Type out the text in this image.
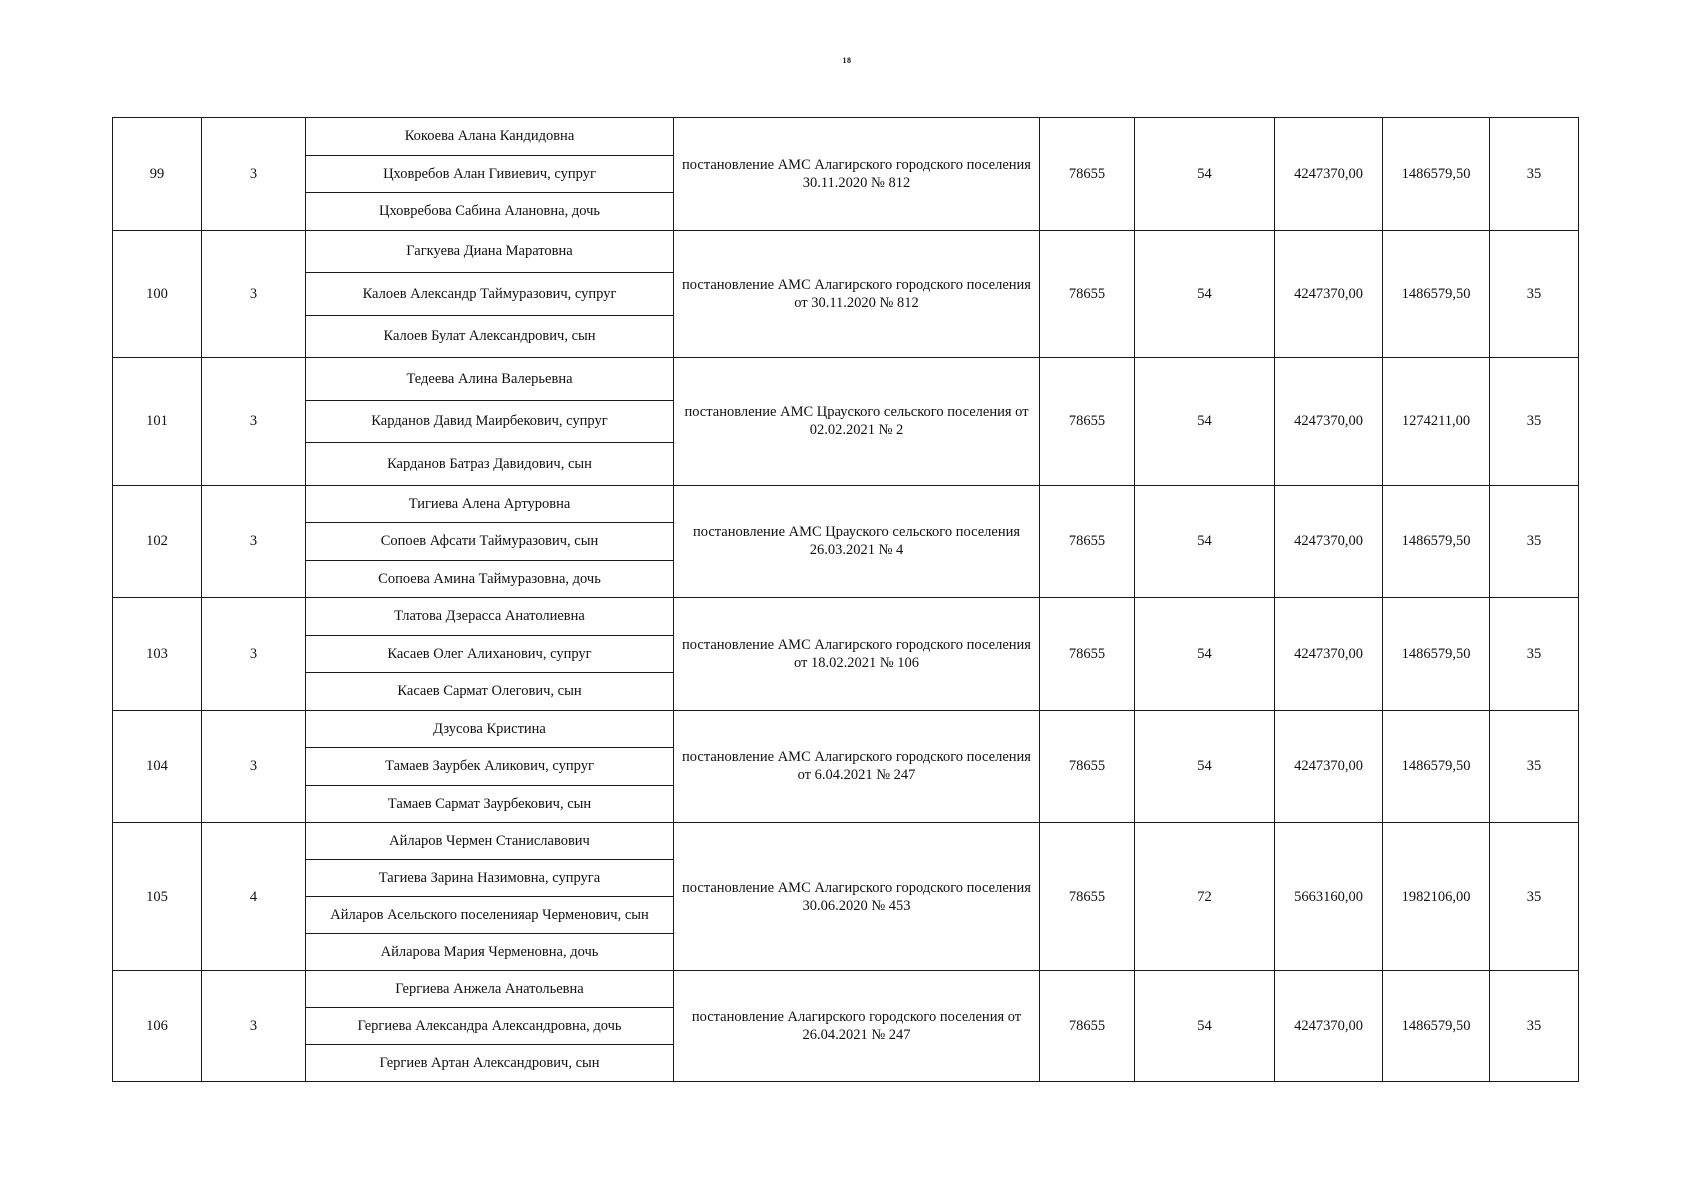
18
99	3	Кокоева Алана Кандидовна	постановление АМС Алагирского городского поселения 30.11.2020 № 812	78655	54	4247370,00	1486579,50	35
		Цховребов Алан Гивиевич, супруг						
		Цховребова Сабина Алановна, дочь						
100	3	Гагкуева Диана Маратовна	постановление АМС Алагирского городского поселения от 30.11.2020 № 812	78655	54	4247370,00	1486579,50	35
		Калоев Александр Таймуразович, супруг						
		Калоев Булат Александрович, сын						
101	3	Тедеева Алина Валерьевна	постановление АМС Црауского сельского поселения от 02.02.2021 № 2	78655	54	4247370,00	1274211,00	35
		Карданов Давид Маирбекович, супруг						
		Карданов Батраз Давидович, сын						
102	3	Тигиева Алена Артуровна	постановление АМС Црауского сельского поселения 26.03.2021 № 4	78655	54	4247370,00	1486579,50	35
		Сопоев Афсати Таймуразович, сын						
		Сопоева Амина Таймуразовна, дочь						
103	3	Тлатова Дзерасса Анатолиевна	постановление АМС Алагирского городского поселения от 18.02.2021 № 106	78655	54	4247370,00	1486579,50	35
		Касаев Олег Алиханович, супруг						
		Касаев Сармат Олегович, сын						
104	3	Дзусова Кристина	постановление АМС Алагирского городского поселения от 6.04.2021 № 247	78655	54	4247370,00	1486579,50	35
		Тамаев Заурбек Аликович, супруг						
		Тамаев Сармат Заурбекович, сын						
105	4	Айларов Чермен Станиславович	постановление АМС Алагирского городского поселения 30.06.2020 № 453	78655	72	5663160,00	1982106,00	35
		Тагиева Зарина Назимовна, супруга						
		Айларов Асельского поселенияар Черменович, сын						
		Айларова Мария Черменовна, дочь						
106	3	Гергиева Анжела Анатольевна	постановление Алагирского городского поселения от 26.04.2021 № 247	78655	54	4247370,00	1486579,50	35
		Гергиева Александра Александровна, дочь						
		Гергиев Артан Александрович, сын						
